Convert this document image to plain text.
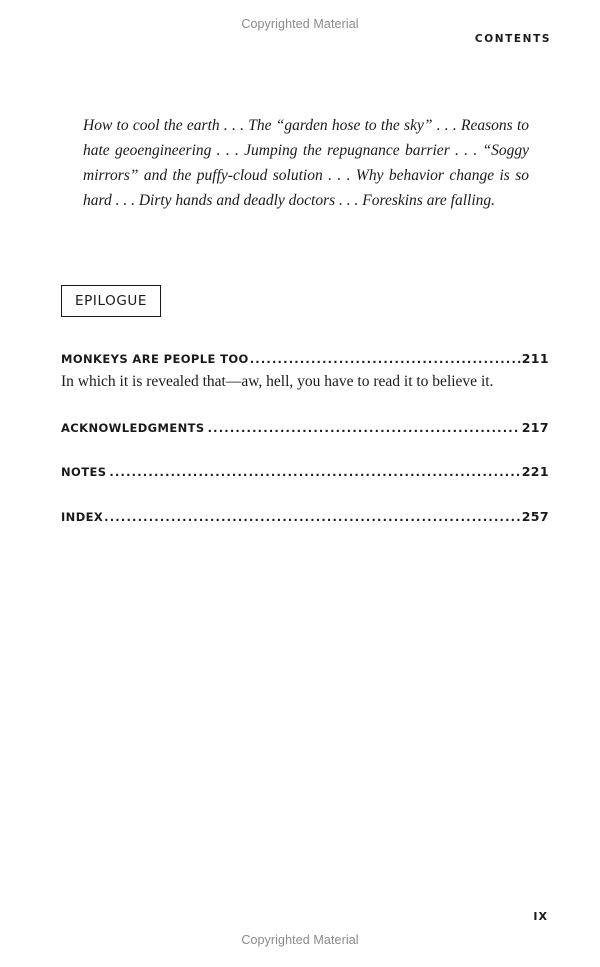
Copyrighted Material
CONTENTS

How to cool the earth . . . The “garden hose to the sky” . . . Reasons to hate geoengineering . . . Jumping the repugnance barrier . . . “Soggy mirrors” and the puffy-cloud solution . . . Why behavior change is so hard . . . Dirty hands and deadly doctors . . . Foreskins are falling.

EPILOGUE
MONKEYS ARE PEOPLE TOO .....	211
In which it is revealed that—aw, hell, you have to read it to believe it.
ACKNOWLEDGMENTS .....	217
NOTES .....	221
INDEX .....	257
IX
Copyrighted Material
